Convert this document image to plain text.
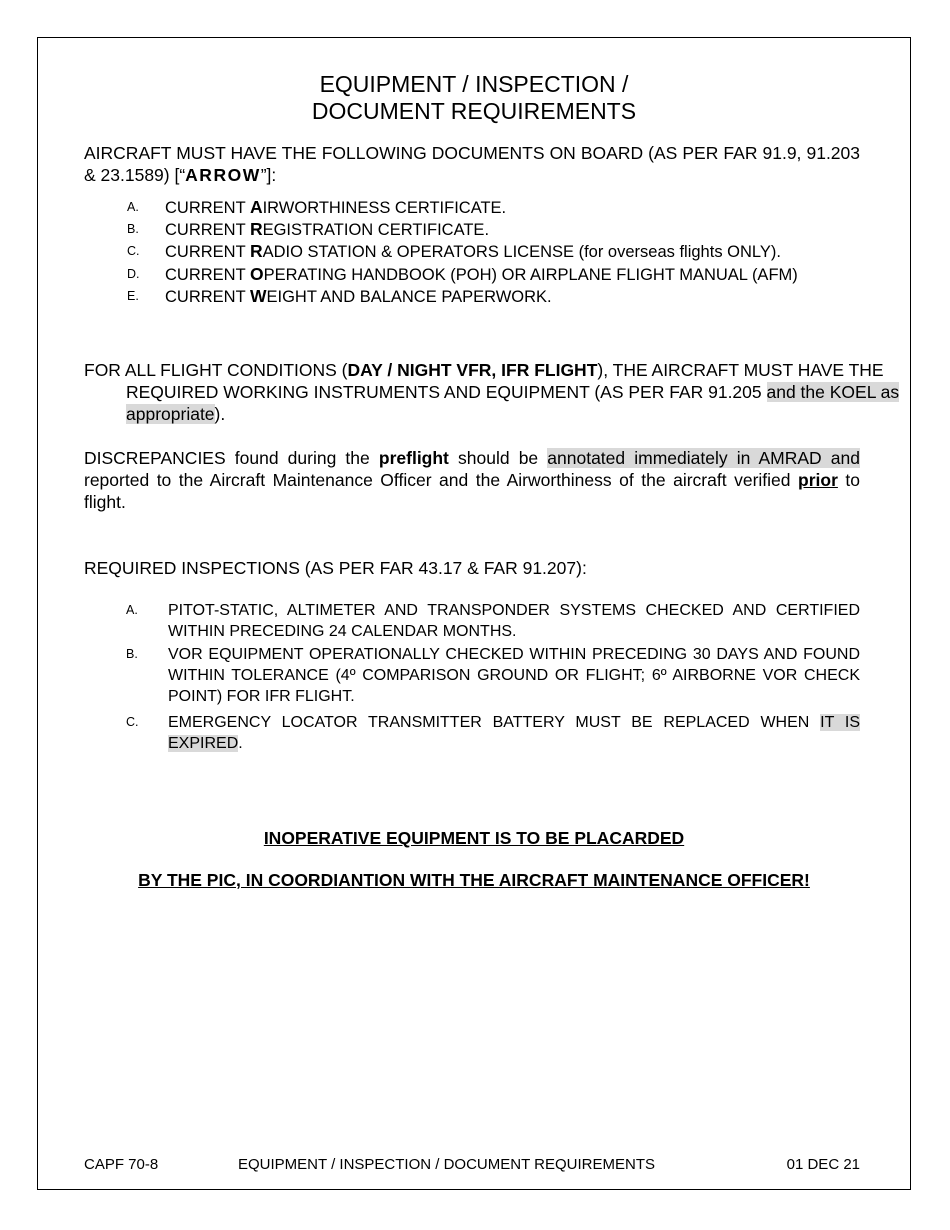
EQUIPMENT / INSPECTION /
DOCUMENT REQUIREMENTS
AIRCRAFT MUST HAVE THE FOLLOWING DOCUMENTS ON BOARD (AS PER FAR 91.9, 91.203 & 23.1589) [“ARROW”]:
A. CURRENT AIRWORTHINESS CERTIFICATE.
B. CURRENT REGISTRATION CERTIFICATE.
C. CURRENT RADIO STATION & OPERATORS LICENSE (for overseas flights ONLY).
D. CURRENT OPERATING HANDBOOK (POH) OR AIRPLANE FLIGHT MANUAL (AFM)
E. CURRENT WEIGHT AND BALANCE PAPERWORK.
FOR ALL FLIGHT CONDITIONS (DAY / NIGHT VFR, IFR FLIGHT), THE AIRCRAFT MUST HAVE THE REQUIRED WORKING INSTRUMENTS AND EQUIPMENT (AS PER FAR 91.205 and the KOEL as appropriate).
DISCREPANCIES found during the preflight should be annotated immediately in AMRAD and reported to the Aircraft Maintenance Officer and the Airworthiness of the aircraft verified prior to flight.
REQUIRED INSPECTIONS (AS PER FAR 43.17 & FAR 91.207):
A. PITOT-STATIC, ALTIMETER AND TRANSPONDER SYSTEMS CHECKED AND CERTIFIED WITHIN PRECEDING 24 CALENDAR MONTHS.
B. VOR EQUIPMENT OPERATIONALLY CHECKED WITHIN PRECEDING 30 DAYS AND FOUND WITHIN TOLERANCE (4º COMPARISON GROUND OR FLIGHT; 6º AIRBORNE VOR CHECK POINT) FOR IFR FLIGHT.
C. EMERGENCY LOCATOR TRANSMITTER BATTERY MUST BE REPLACED WHEN IT IS EXPIRED.
INOPERATIVE EQUIPMENT IS TO BE PLACARDED
BY THE PIC, IN COORDIANTION WITH THE AIRCRAFT MAINTENANCE OFFICER!
CAPF 70-8	EQUIPMENT / INSPECTION / DOCUMENT REQUIREMENTS	01 DEC 21
